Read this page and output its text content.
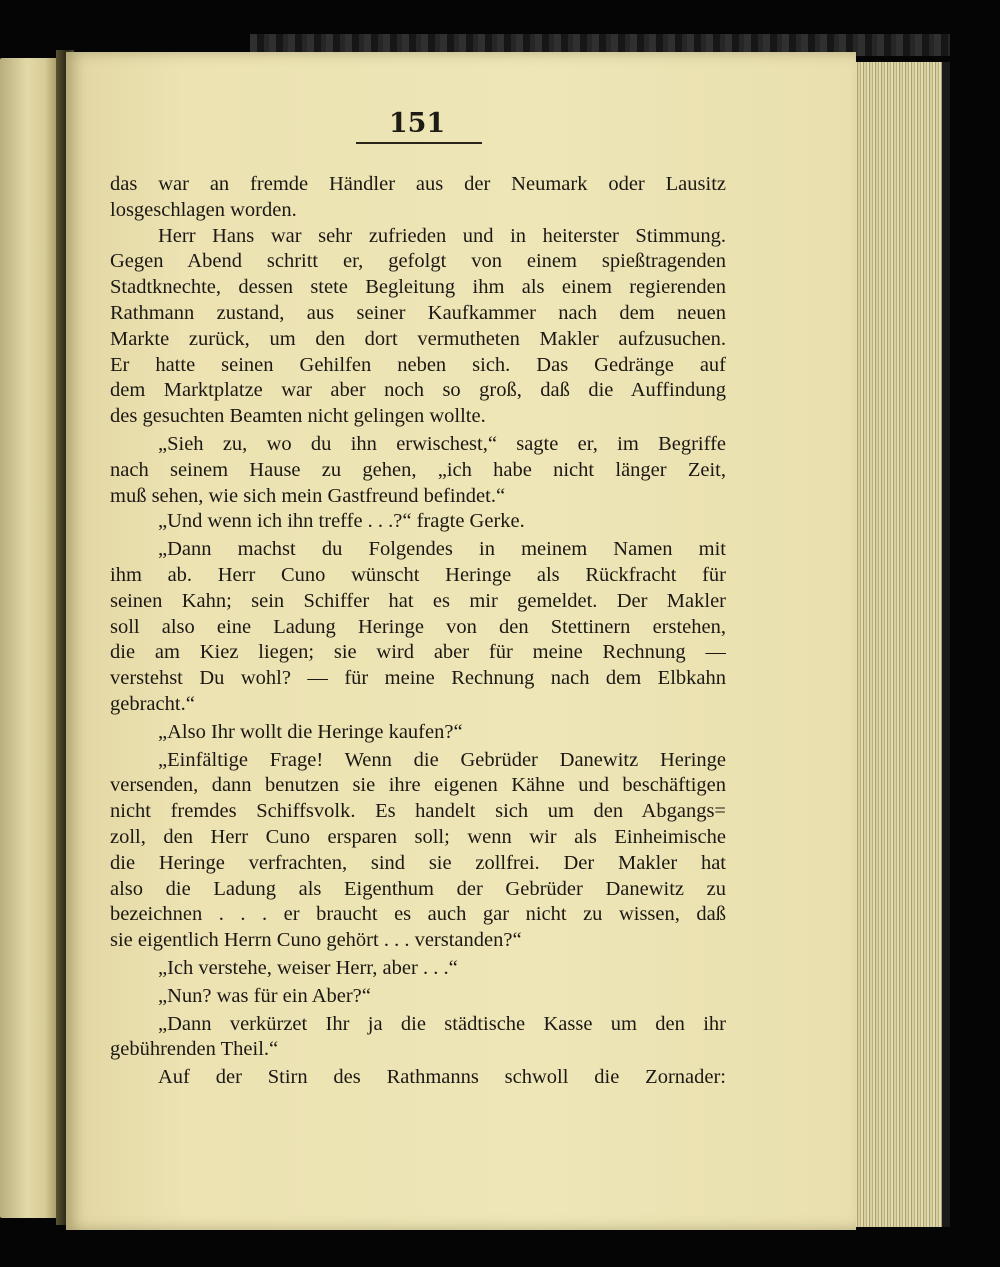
151
das war an fremde Händler aus der Neumark oder Lausitz
losgeschlagen worden.
Herr Hans war sehr zufrieden und in heiterster Stimmung.
Gegen Abend schritt er, gefolgt von einem spießtragenden
Stadtknechte, dessen stete Begleitung ihm als einem regierenden
Rathmann zustand, aus seiner Kaufkammer nach dem neuen
Markte zurück, um den dort vermutheten Makler aufzusuchen.
Er hatte seinen Gehilfen neben sich. Das Gedränge auf
dem Marktplatze war aber noch so groß, daß die Auffindung
des gesuchten Beamten nicht gelingen wollte.
„Sieh zu, wo du ihn erwischest,“ sagte er, im Begriffe
nach seinem Hause zu gehen, „ich habe nicht länger Zeit,
muß sehen, wie sich mein Gastfreund befindet.“
„Und wenn ich ihn treffe . . .?“ fragte Gerke.
„Dann machst du Folgendes in meinem Namen mit
ihm ab. Herr Cuno wünscht Heringe als Rückfracht für
seinen Kahn; sein Schiffer hat es mir gemeldet. Der Makler
soll also eine Ladung Heringe von den Stettinern erstehen,
die am Kiez liegen; sie wird aber für meine Rechnung —
verstehst Du wohl? — für meine Rechnung nach dem Elbkahn
gebracht.“
„Also Ihr wollt die Heringe kaufen?“
„Einfältige Frage! Wenn die Gebrüder Danewitz Heringe
versenden, dann benutzen sie ihre eigenen Kähne und beschäftigen
nicht fremdes Schiffsvolk. Es handelt sich um den Abgangs=
zoll, den Herr Cuno ersparen soll; wenn wir als Einheimische
die Heringe verfrachten, sind sie zollfrei. Der Makler hat
also die Ladung als Eigenthum der Gebrüder Danewitz zu
bezeichnen . . . er braucht es auch gar nicht zu wissen, daß
sie eigentlich Herrn Cuno gehört . . . verstanden?“
„Ich verstehe, weiser Herr, aber . . .“
„Nun? was für ein Aber?“
„Dann verkürzet Ihr ja die städtische Kasse um den ihr
gebührenden Theil.“
Auf der Stirn des Rathmanns schwoll die Zornader:
